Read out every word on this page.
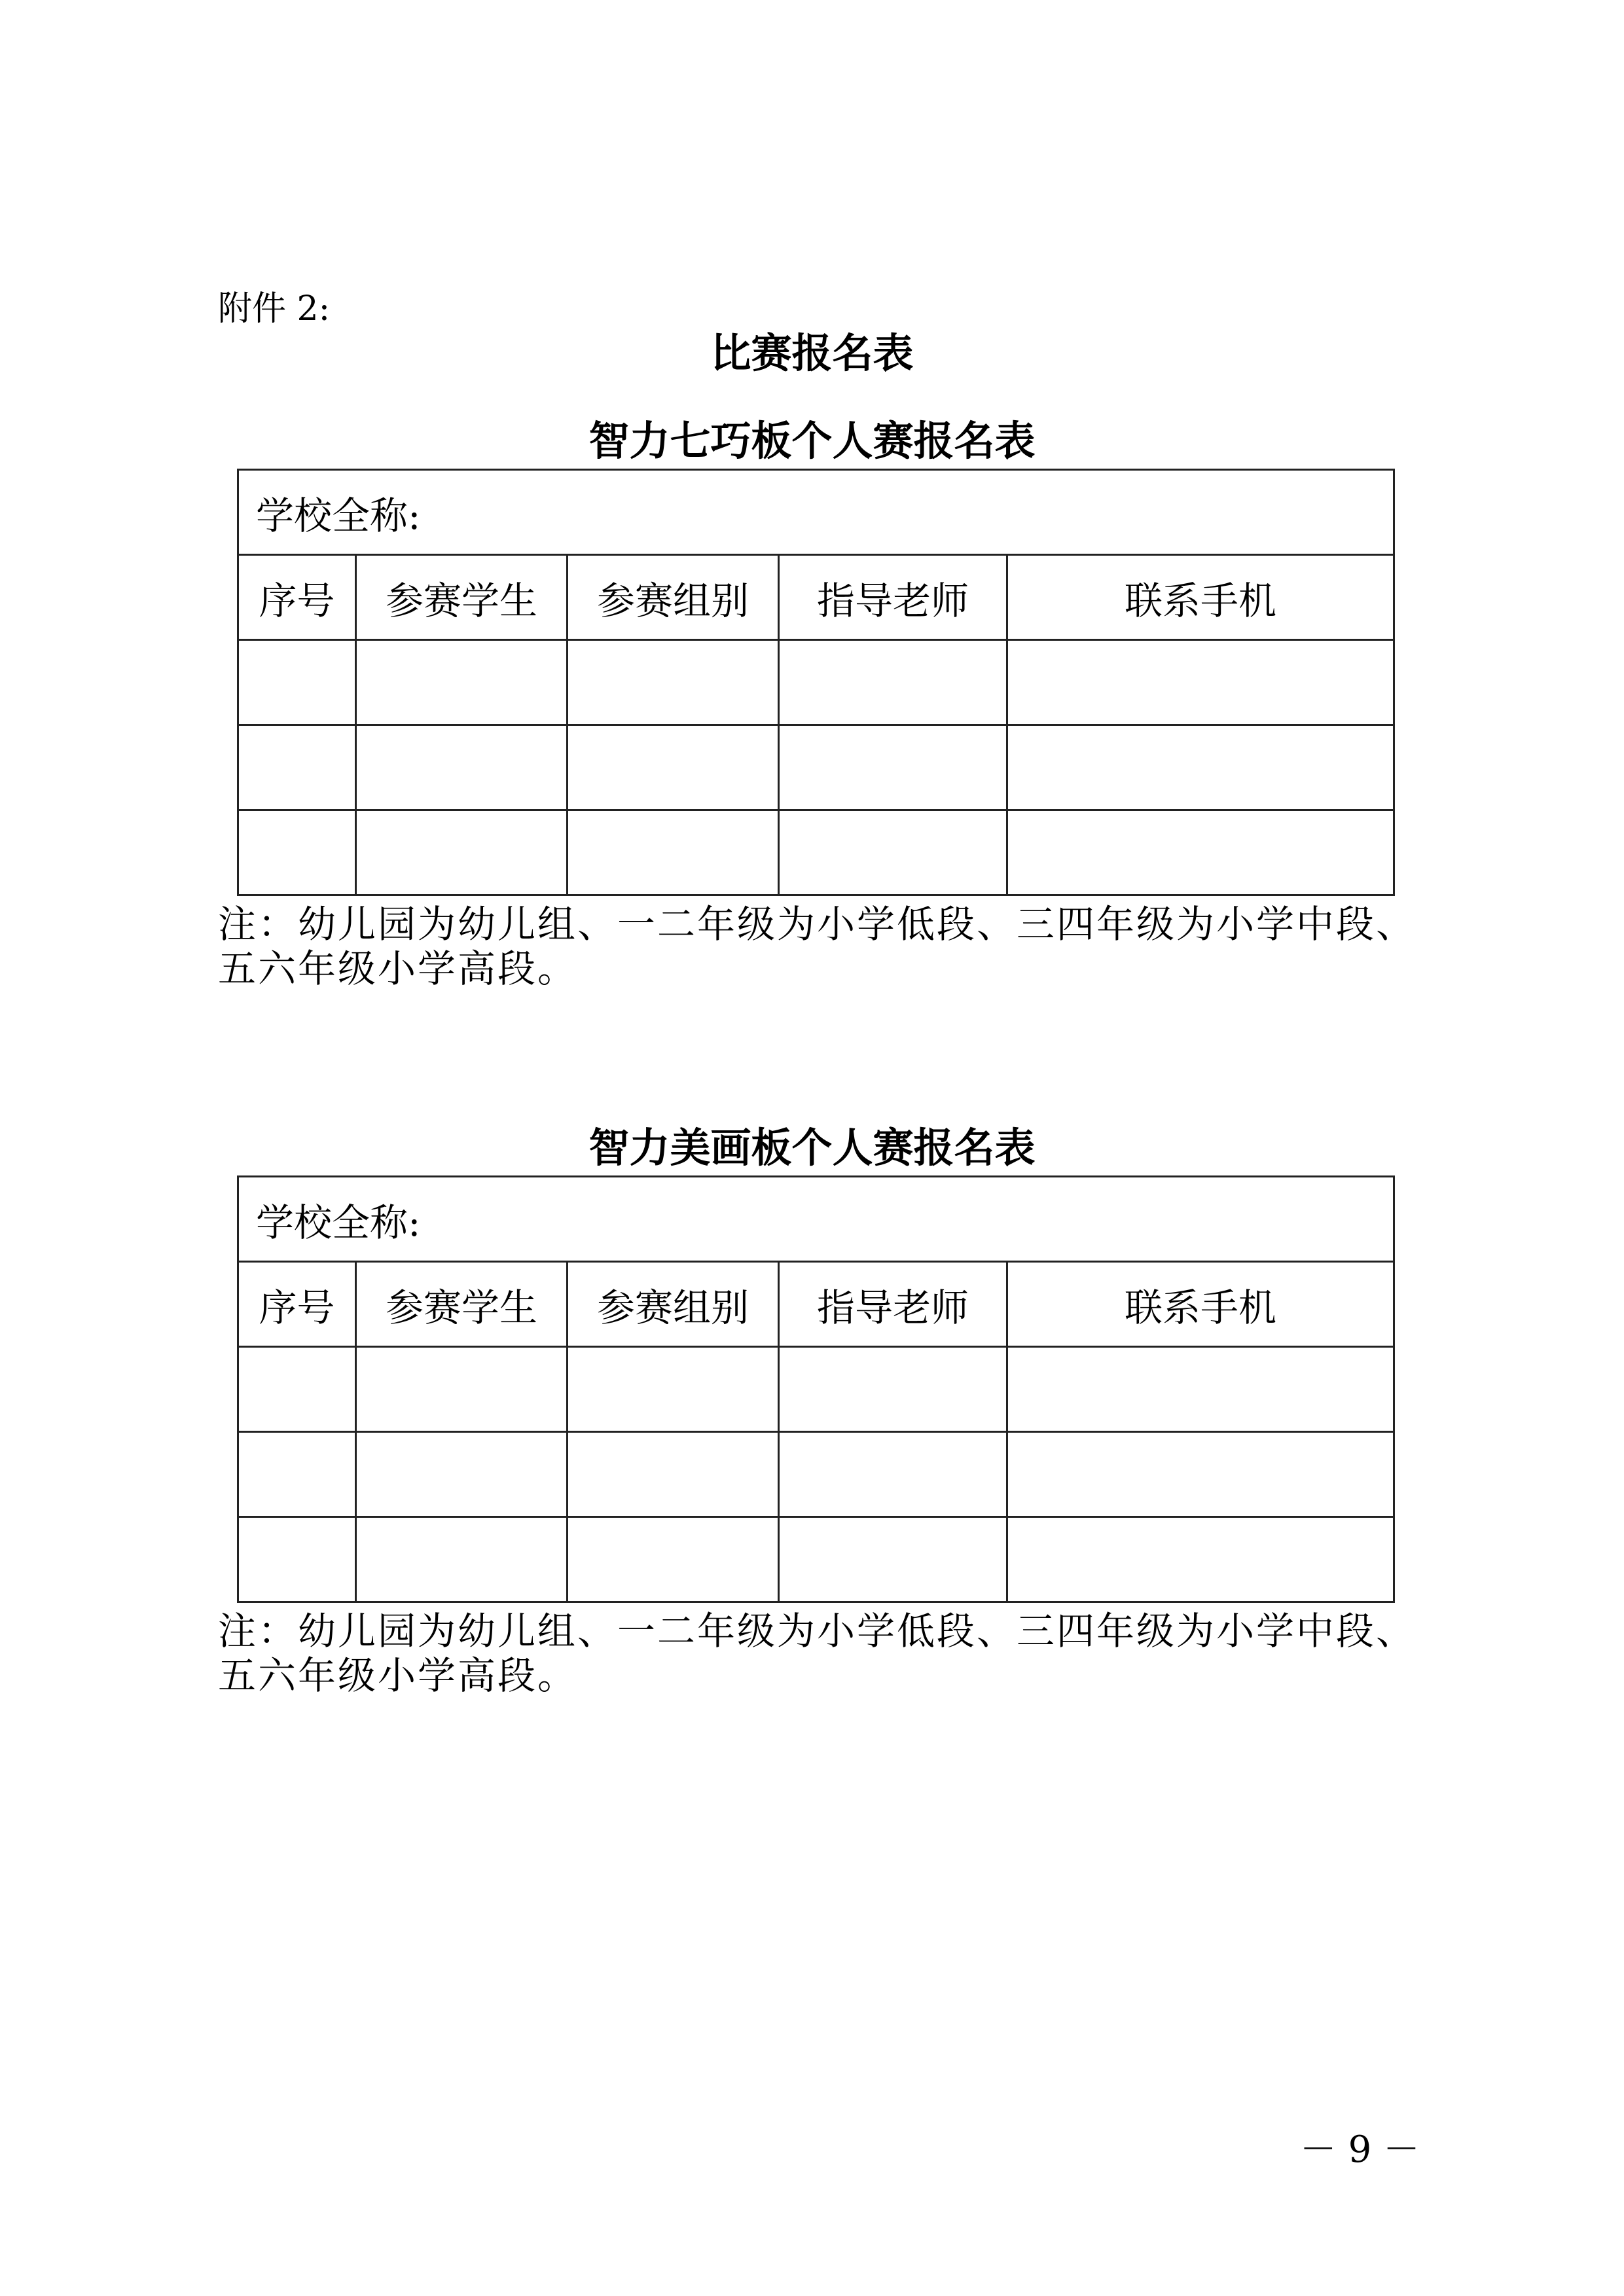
附件 2:
比赛报名表
智力七巧板个人赛报名表
学校全称:				
序号	参赛学生	参赛组别	指导老师	联系手机

注：幼儿园为幼儿组、一二年级为小学低段、三四年级为小学中段、五六年级小学高段。
智力美画板个人赛报名表
学校全称:				
序号	参赛学生	参赛组别	指导老师	联系手机

注：幼儿园为幼儿组、一二年级为小学低段、三四年级为小学中段、五六年级小学高段。
－ 9 －
